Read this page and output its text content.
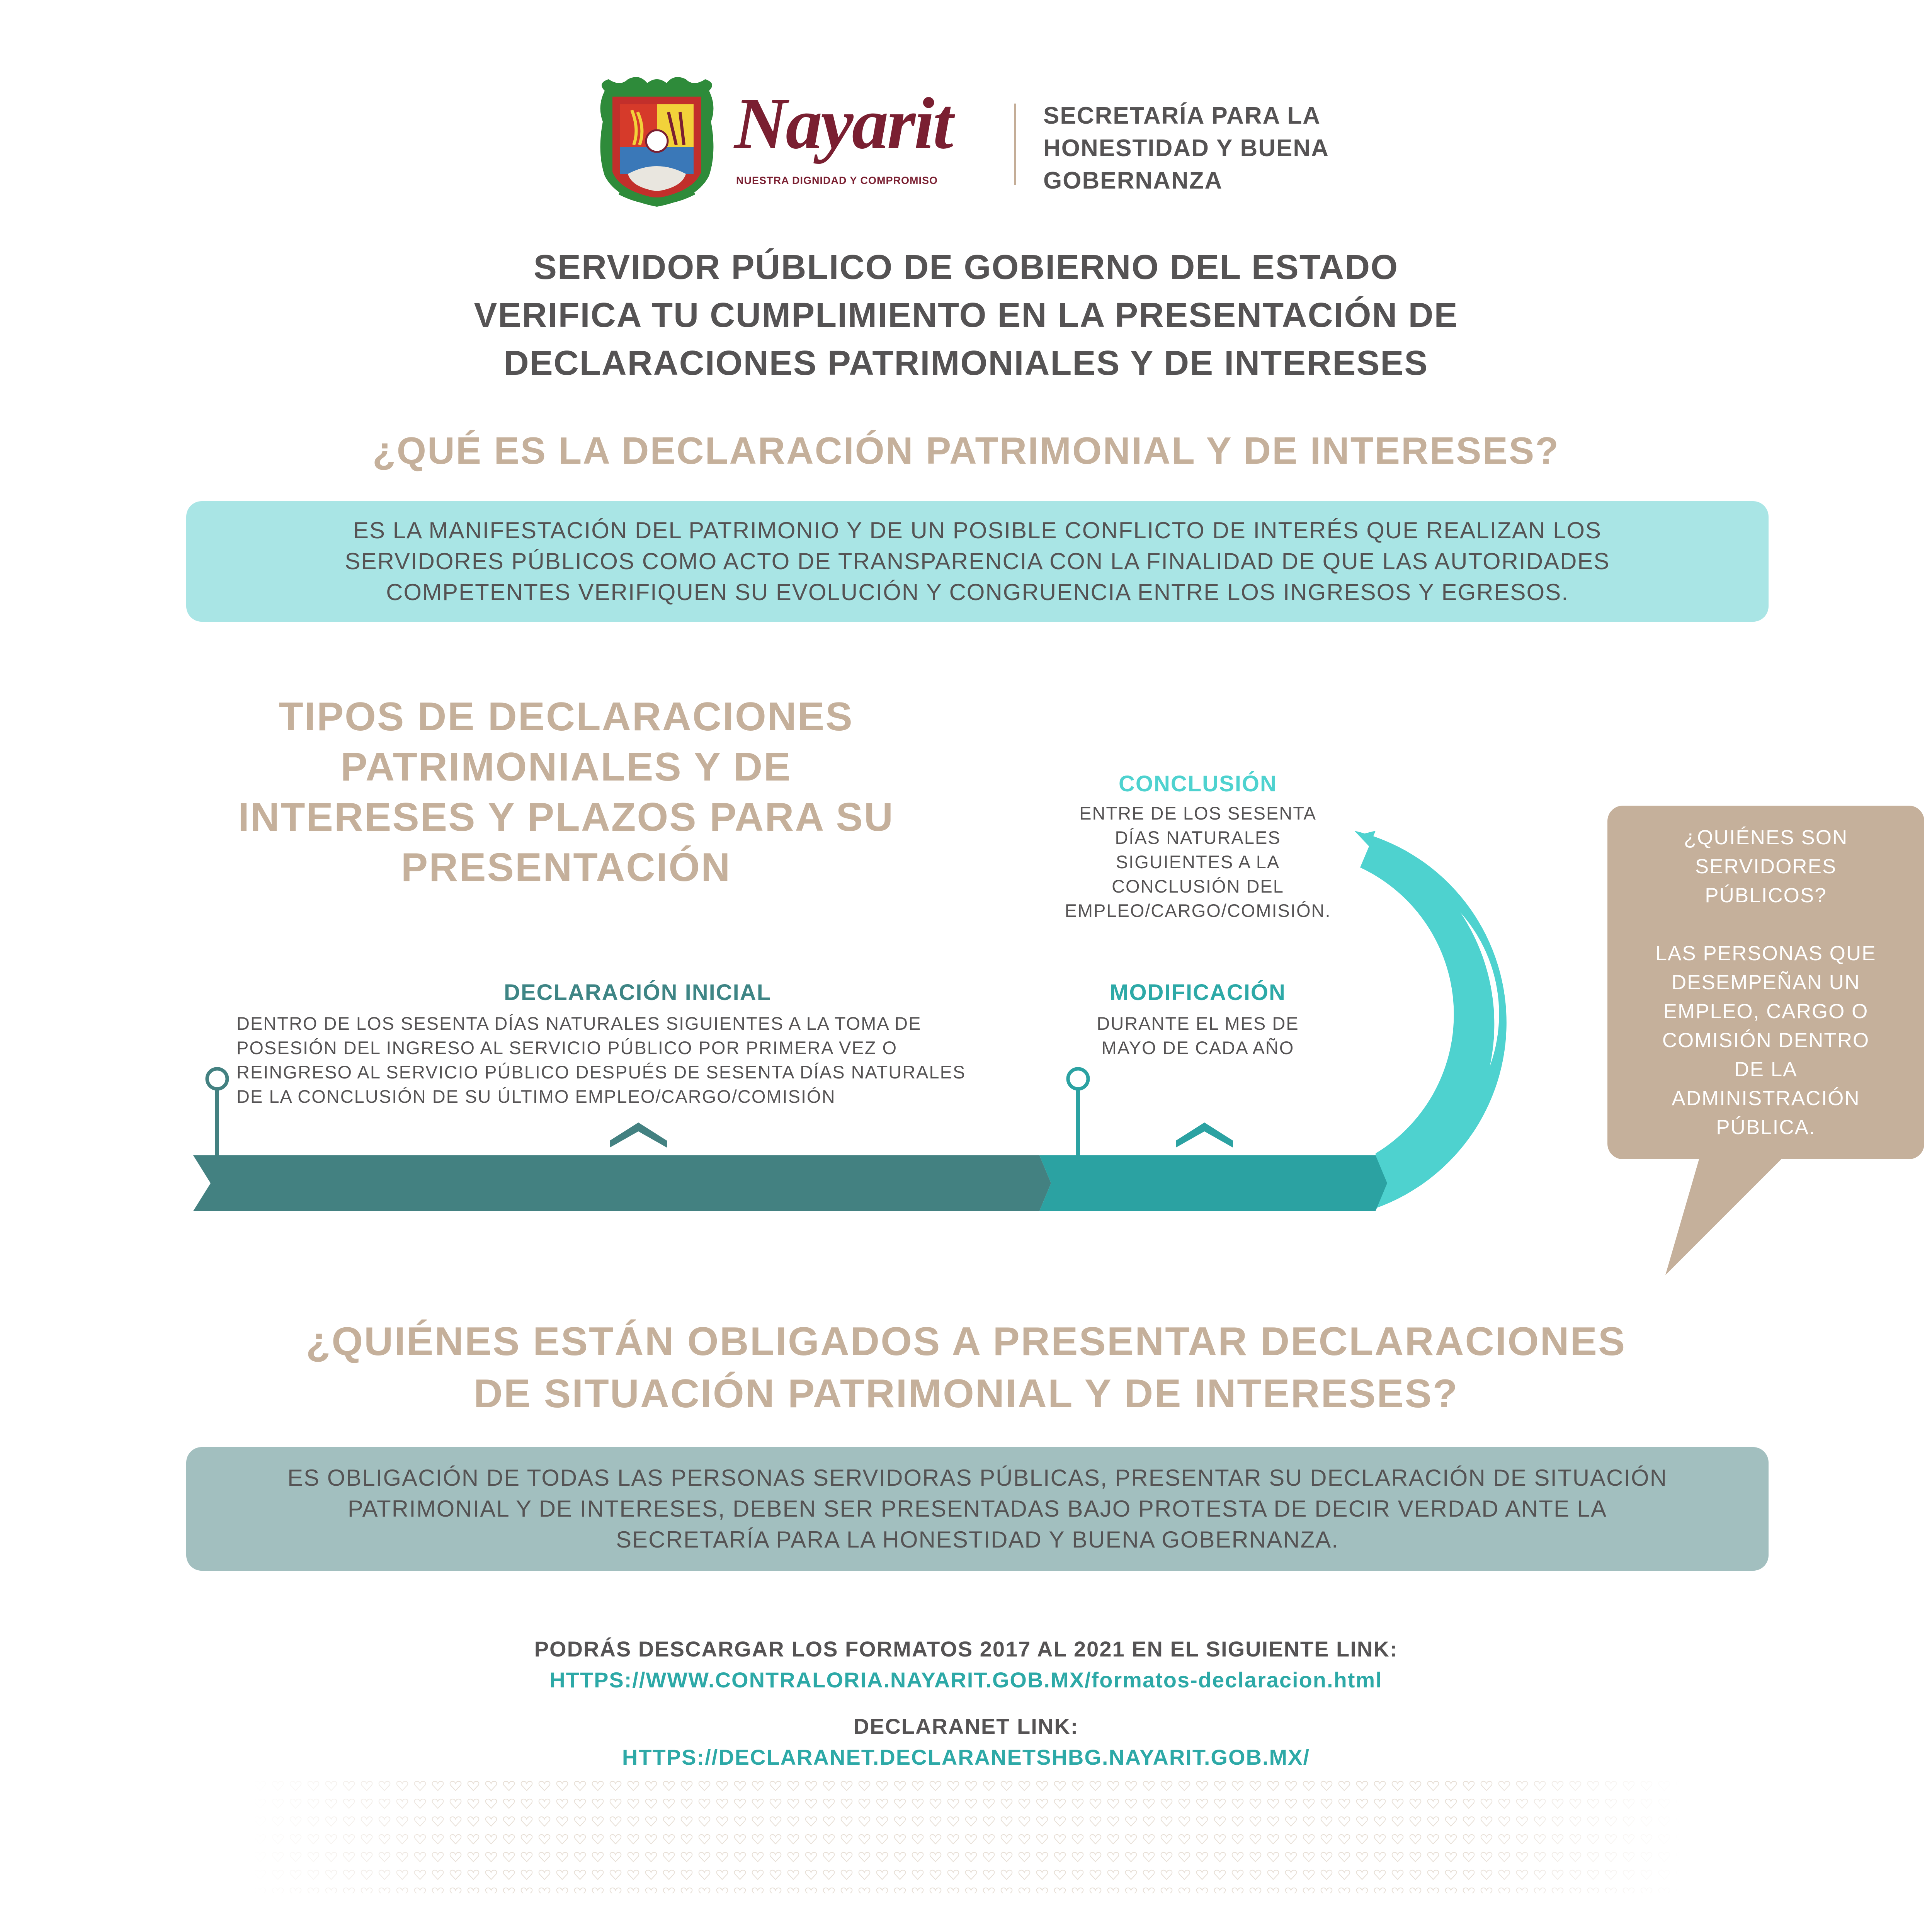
Nayarit
NUESTRA DIGNIDAD Y COMPROMISO
SECRETARÍA PARA LA
HONESTIDAD Y BUENA
GOBERNANZA
SERVIDOR PÚBLICO DE GOBIERNO DEL ESTADO
VERIFICA TU CUMPLIMIENTO EN LA PRESENTACIÓN DE
DECLARACIONES PATRIMONIALES Y DE INTERESES
¿QUÉ ES LA DECLARACIÓN PATRIMONIAL Y DE INTERESES?
ES LA MANIFESTACIÓN DEL PATRIMONIO Y DE UN POSIBLE CONFLICTO DE INTERÉS QUE REALIZAN LOS
SERVIDORES PÚBLICOS COMO ACTO DE TRANSPARENCIA CON LA FINALIDAD DE QUE LAS AUTORIDADES
COMPETENTES VERIFIQUEN SU EVOLUCIÓN Y CONGRUENCIA ENTRE LOS INGRESOS Y EGRESOS.
TIPOS DE DECLARACIONES
PATRIMONIALES Y DE
INTERESES Y PLAZOS PARA SU
PRESENTACIÓN
CONCLUSIÓN
ENTRE DE LOS SESENTA
DÍAS NATURALES
SIGUIENTES A LA
CONCLUSIÓN DEL
EMPLEO/CARGO/COMISIÓN.
DECLARACIÓN INICIAL
DENTRO DE LOS SESENTA DÍAS NATURALES SIGUIENTES A LA TOMA DE
POSESIÓN DEL INGRESO AL SERVICIO PÚBLICO POR PRIMERA VEZ O
REINGRESO AL SERVICIO PÚBLICO DESPUÉS DE SESENTA DÍAS NATURALES
DE LA CONCLUSIÓN DE SU ÚLTIMO EMPLEO/CARGO/COMISIÓN
MODIFICACIÓN
DURANTE EL MES DE
MAYO DE CADA AÑO
¿QUIÉNES SON
SERVIDORES
PÚBLICOS?

LAS PERSONAS QUE
DESEMPEÑAN UN
EMPLEO, CARGO O
COMISIÓN DENTRO
DE LA
ADMINISTRACIÓN
PÚBLICA.
¿QUIÉNES ESTÁN OBLIGADOS A PRESENTAR DECLARACIONES
DE SITUACIÓN PATRIMONIAL Y DE INTERESES?
ES OBLIGACIÓN DE TODAS LAS PERSONAS SERVIDORAS PÚBLICAS, PRESENTAR SU DECLARACIÓN DE SITUACIÓN
PATRIMONIAL Y DE INTERESES, DEBEN SER PRESENTADAS BAJO PROTESTA DE DECIR VERDAD ANTE LA
SECRETARÍA PARA LA HONESTIDAD Y BUENA GOBERNANZA.
PODRÁS DESCARGAR LOS FORMATOS 2017 AL 2021 EN EL SIGUIENTE LINK:
HTTPS://WWW.CONTRALORIA.NAYARIT.GOB.MX/formatos-declaracion.html
DECLARANET LINK:
HTTPS://DECLARANET.DECLARANETSHBG.NAYARIT.GOB.MX/
